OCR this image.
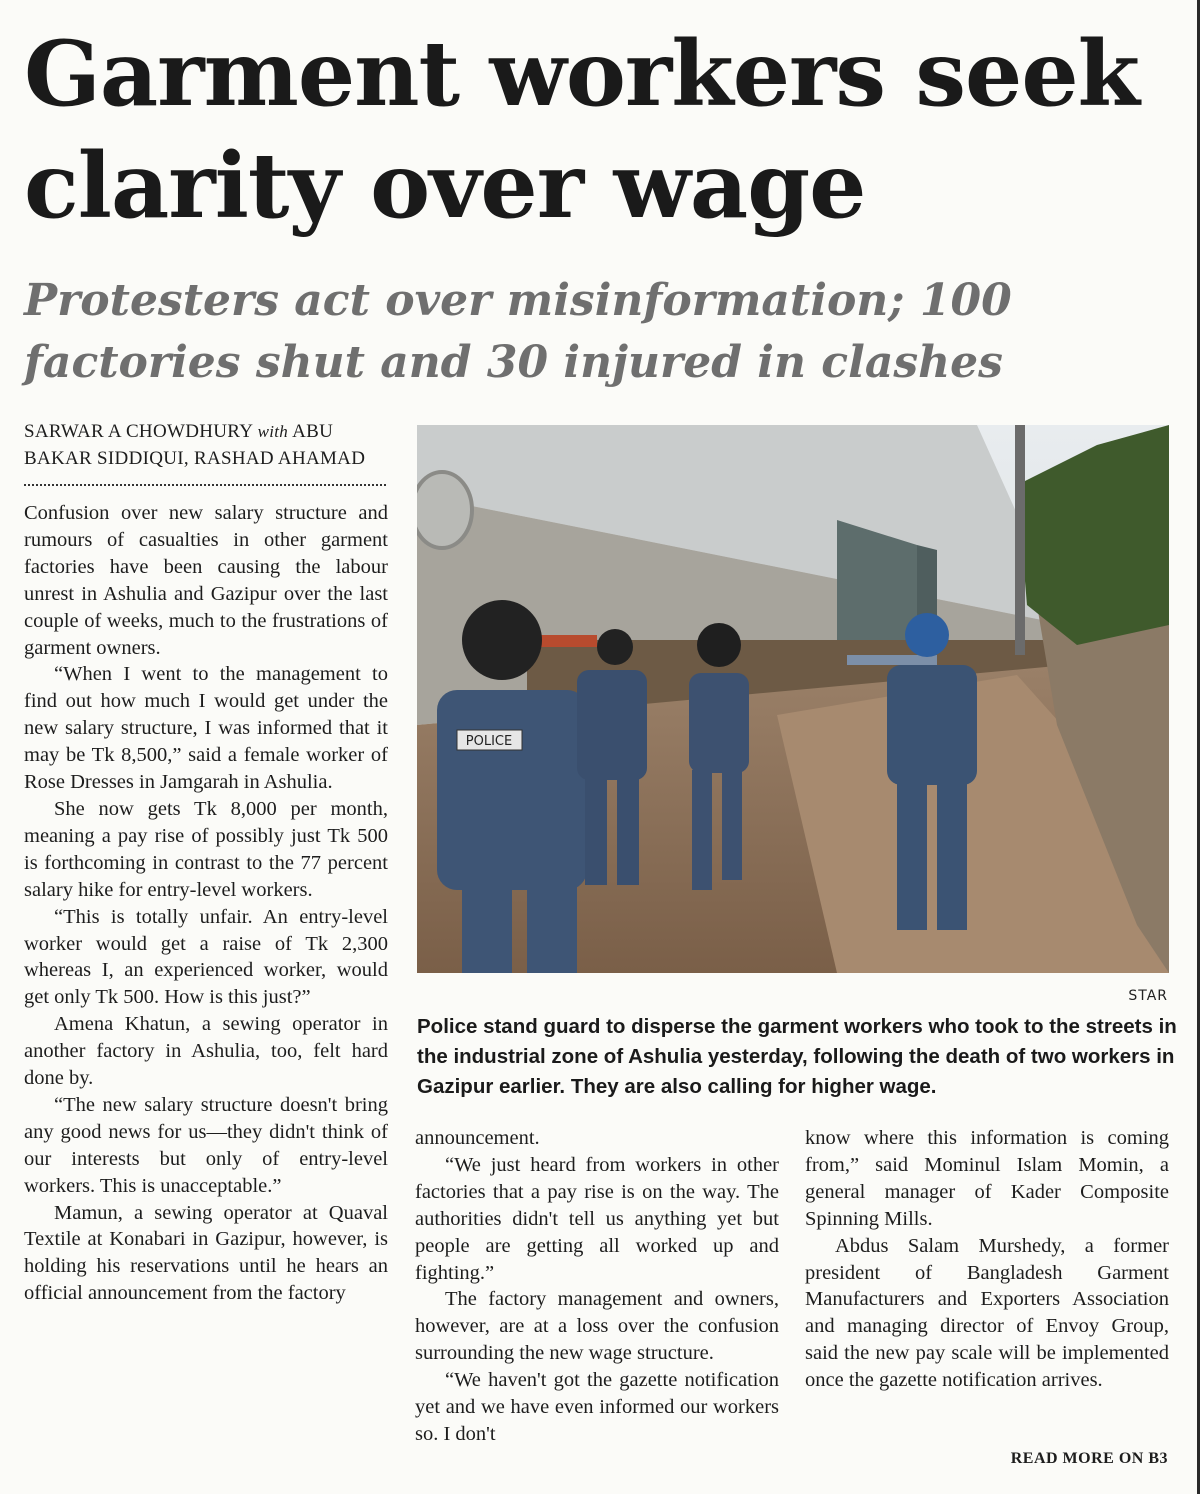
Garment workers seek clarity over wage
Protesters act over misinformation; 100 factories shut and 30 injured in clashes
SARWAR A CHOWDHURY with ABU BAKAR SIDDIQUI, RASHAD AHAMAD

Confusion over new salary structure and rumours of casualties in other garment factories have been causing the labour unrest in Ashulia and Gazipur over the last couple of weeks, much to the frustrations of garment owners.

“When I went to the management to find out how much I would get under the new salary structure, I was informed that it may be Tk 8,500,” said a female worker of Rose Dresses in Jamgarah in Ashulia.

She now gets Tk 8,000 per month, meaning a pay rise of possibly just Tk 500 is forthcoming in contrast to the 77 percent salary hike for entry-level workers.

“This is totally unfair. An entry-level worker would get a raise of Tk 2,300 whereas I, an experienced worker, would get only Tk 500. How is this just?”

Amena Khatun, a sewing operator in another factory in Ashulia, too, felt hard done by.

“The new salary structure doesn't bring any good news for us—they didn't think of our interests but only of entry-level workers. This is unacceptable.”

Mamun, a sewing operator at Quaval Textile at Konabari in Gazipur, however, is holding his reservations until he hears an official announcement from the factory

POLICE
STAR
Police stand guard to disperse the garment workers who took to the streets in the industrial zone of Ashulia yesterday, following the death of two workers in Gazipur earlier. They are also calling for higher wage.

announcement.

“We just heard from workers in other factories that a pay rise is on the way. The authorities didn't tell us anything yet but people are getting all worked up and fighting.”

The factory management and owners, however, are at a loss over the confusion surrounding the new wage structure.

“We haven't got the gazette notification yet and we have even informed our workers so. I don't

know where this information is coming from,” said Mominul Islam Momin, a general manager of Kader Composite Spinning Mills.

Abdus Salam Murshedy, a former president of Bangladesh Garment Manufacturers and Exporters Association and managing director of Envoy Group, said the new pay scale will be implemented once the gazette notification arrives.

READ MORE ON B3
